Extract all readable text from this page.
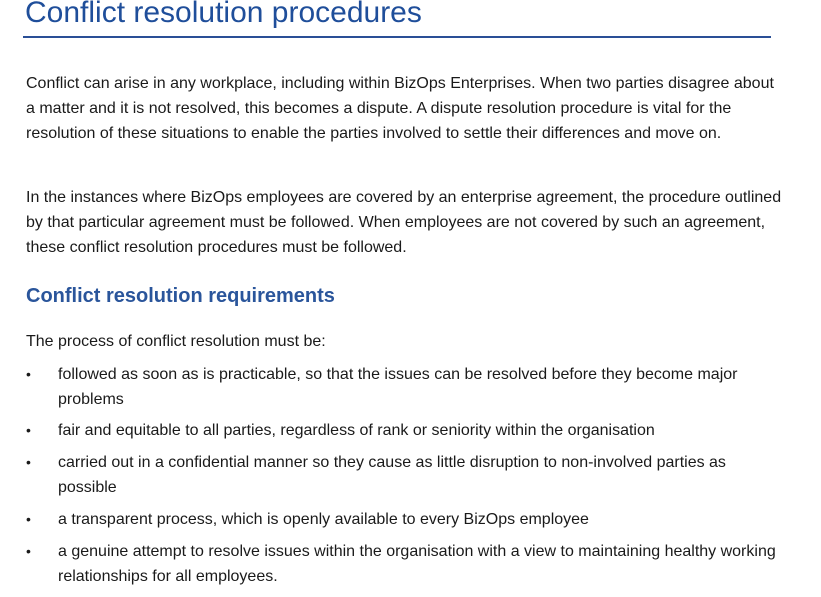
Conflict resolution procedures

Conflict can arise in any workplace, including within BizOps Enterprises. When two parties disagree about a matter and it is not resolved, this becomes a dispute. A dispute resolution procedure is vital for the resolution of these situations to enable the parties involved to settle their differences and move on.

In the instances where BizOps employees are covered by an enterprise agreement, the procedure outlined by that particular agreement must be followed. When employees are not covered by such an agreement, these conflict resolution procedures must be followed.

Conflict resolution requirements

The process of conflict resolution must be:

•	followed as soon as is practicable, so that the issues can be resolved before they become major problems
•	fair and equitable to all parties, regardless of rank or seniority within the organisation
•	carried out in a confidential manner so they cause as little disruption to non-involved parties as possible
•	a transparent process, which is openly available to every BizOps employee
•	a genuine attempt to resolve issues within the organisation with a view to maintaining healthy working relationships for all employees.
